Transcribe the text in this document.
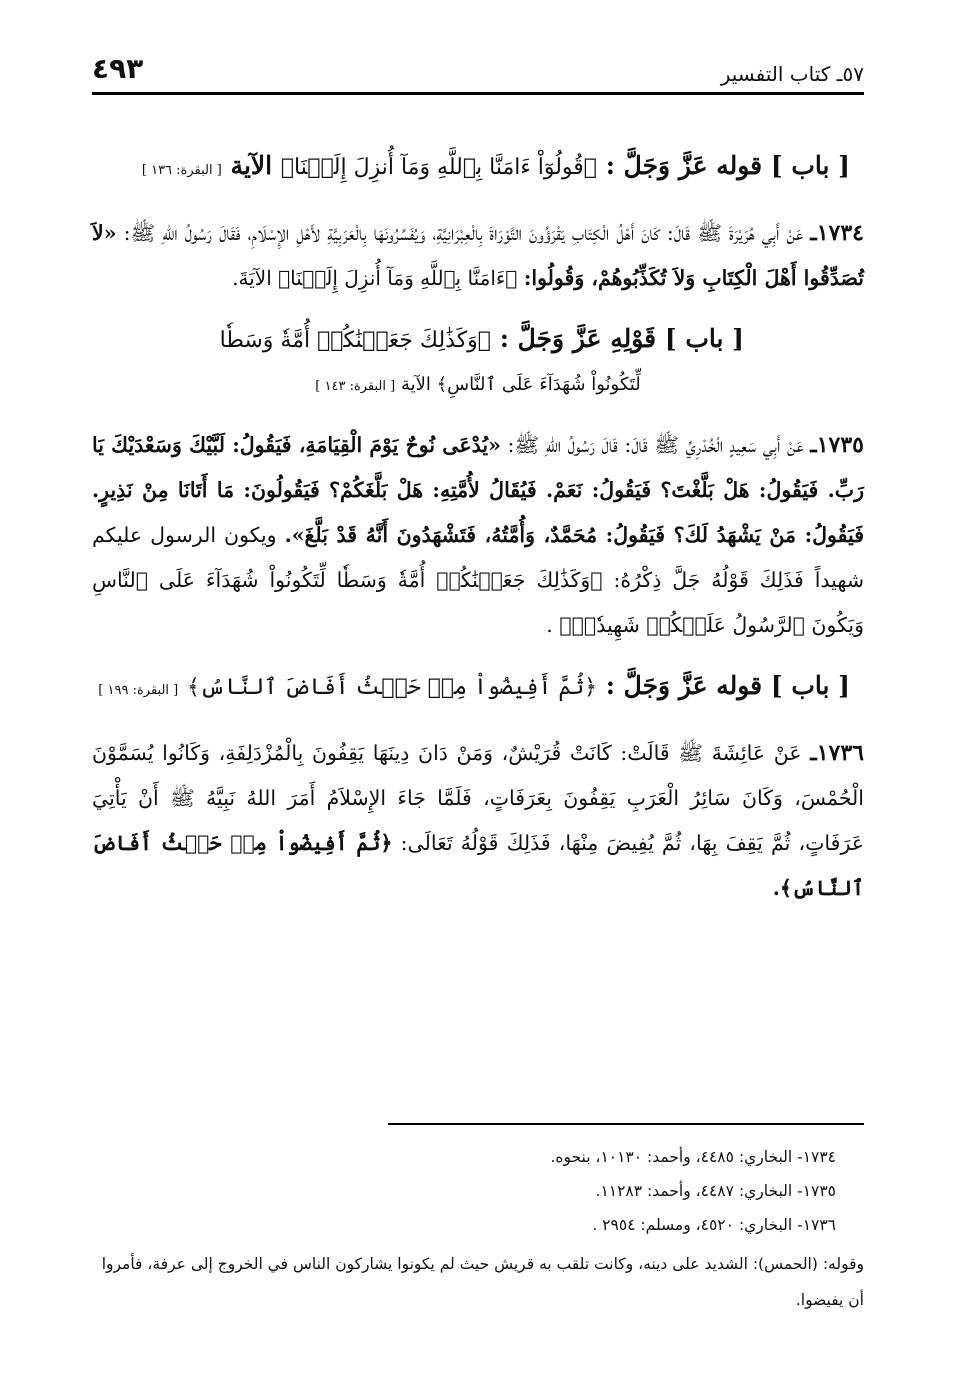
٥٧ـ كتاب التفسير
٤٩٣

[ باب ] قوله عَزَّ وَجَلَّ : ﴿قُولُوٓاْ ءَامَنَّا بِٱللَّهِ وَمَآ أُنزِلَ إِلَيۡنَا﴾ الآية [ البقرة: ١٣٦ ]

١٧٣٤ـ عَنْ أَبِي هُرَيْرَةَ ﷺ قَالَ: كَانَ أَهْلُ الْكِتَابِ يَقْرَؤُونَ التَّوْرَاةَ بِالْعِبْرَانِيَّةِ، وَيُفَسِّرُونَهَا بِالْعَرَبِيَّةِ لأَهْلِ الإِسْلَامِ، فَقَالَ رَسُولُ اللهِ ﷺ: «لاَ تُصَدِّقُوا أَهْلَ الْكِتَابِ وَلاَ تُكَذِّبُوهُمْ، وَقُولُوا: ﴿ءَامَنَّا بِٱللَّهِ وَمَآ أُنزِلَ إِلَيۡنَا﴾ الآيَةَ.

[ باب ] قَوْلِهِ عَزَّ وَجَلَّ : ﴿وَكَذَٰلِكَ جَعَلۡنَٰكُمۡ أُمَّةٗ وَسَطٗا

لِّتَكُونُواْ شُهَدَآءَ عَلَى ٱلنَّاسِ﴾ الآية [ البقرة: ١٤٣ ]

١٧٣٥ـ عَنْ أَبِي سَعِيدٍ الْخُدْرِيِّ ﷺ قَالَ: قَالَ رَسُولُ اللهِ ﷺ: «يُدْعَى نُوحٌ يَوْمَ الْقِيَامَةِ، فَيَقُولُ: لَبَّيْكَ وَسَعْدَيْكَ يَا رَبِّ. فَيَقُولُ: هَلْ بَلَّغْتَ؟ فَيَقُولُ: نَعَمْ. فَيُقَالُ لأُمَّتِهِ: هَلْ بَلَّغَكُمْ؟ فَيَقُولُونَ: مَا أَتَانَا مِنْ نَذِيرٍ. فَيَقُولُ: مَنْ يَشْهَدُ لَكَ؟ فَيَقُولُ: مُحَمَّدٌ، وَأُمَّتُهُ، فَتَشْهَدُونَ أَنَّهُ قَدْ بَلَّغَ». ويكون الرسول عليكم شهيداً فَذَلِكَ قَوْلُهُ جَلَّ ذِكْرُهُ: ﴿وَكَذَٰلِكَ جَعَلۡنَٰكُمۡ أُمَّةٗ وَسَطٗا لِّتَكُونُواْ شُهَدَآءَ عَلَى ٱلنَّاسِ وَيَكُونَ ٱلرَّسُولُ عَلَيۡكُمۡ شَهِيدٗاۗ﴾ .

[ باب ] قوله عَزَّ وَجَلَّ : ﴿ثُمَّ أَفِيضُواْ مِنۡ حَيۡثُ أَفَاضَ ٱلنَّاسُ﴾ [ البقرة: ١٩٩ ]

١٧٣٦ـ عَنْ عَائِشَةَ ﷺ قَالَتْ: كَانَتْ قُرَيْشٌ، وَمَنْ دَانَ دِينَهَا يَقِفُونَ بِالْمُزْدَلِفَةِ، وَكَانُوا يُسَمَّوْنَ الْحُمْسَ، وَكَانَ سَائِرُ الْعَرَبِ يَقِفُونَ بِعَرَفَاتٍ، فَلَمَّا جَاءَ الإِسْلاَمُ أَمَرَ اللهُ نَبِيَّهُ ﷺ أَنْ يَأْتِيَ عَرَفَاتٍ، ثُمَّ يَقِفَ بِهَا، ثُمَّ يُفِيضَ مِنْهَا، فَذَلِكَ قَوْلُهُ تَعَالَى: ﴿ثُمَّ أَفِيضُواْ مِنۡ حَيۡثُ أَفَاضَ ٱلنَّاسُ﴾.

١٧٣٤- البخاري: ٤٤٨٥، وأحمد: ١٠١٣٠، بنحوه.

١٧٣٥- البخاري: ٤٤٨٧، وأحمد: ١١٢٨٣.

١٧٣٦- البخاري: ٤٥٢٠، ومسلم: ٢٩٥٤ .

وقوله: (الحمس): الشديد على دينه، وكانت تلقب به قريش حيث لم يكونوا يشاركون الناس في الخروج إلى عرفة، فأمروا أن يفيضوا.
